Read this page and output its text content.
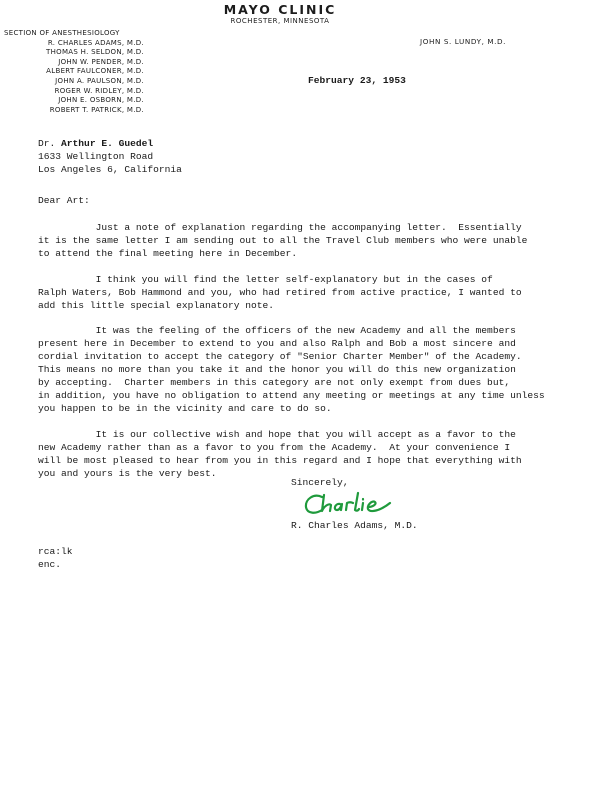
MAYO CLINIC
ROCHESTER, MINNESOTA
SECTION OF ANESTHESIOLOGY
R. CHARLES ADAMS, M.D.
THOMAS H. SELDON, M.D.
JOHN W. PENDER, M.D.
ALBERT FAULCONER, M.D.
JOHN A. PAULSON, M.D.
ROGER W. RIDLEY, M.D.
JOHN E. OSBORN, M.D.
ROBERT T. PATRICK, M.D.
JOHN S. LUNDY, M.D.
February 23, 1953
Dr. Arthur E. Guedel
1633 Wellington Road
Los Angeles 6, California
Dear Art:
Just a note of explanation regarding the accompanying letter.  Essentially
it is the same letter I am sending out to all the Travel Club members who were unable
to attend the final meeting here in December.
I think you will find the letter self-explanatory but in the cases of
Ralph Waters, Bob Hammond and you, who had retired from active practice, I wanted to
add this little special explanatory note.
It was the feeling of the officers of the new Academy and all the members
present here in December to extend to you and also Ralph and Bob a most sincere and
cordial invitation to accept the category of "Senior Charter Member" of the Academy.
This means no more than you take it and the honor you will do this new organization
by accepting.  Charter members in this category are not only exempt from dues but,
in addition, you have no obligation to attend any meeting or meetings at any time unless
you happen to be in the vicinity and care to do so.
It is our collective wish and hope that you will accept as a favor to the
new Academy rather than as a favor to you from the Academy.  At your convenience I
will be most pleased to hear from you in this regard and I hope that everything with
you and yours is the very best.
Sincerely,
R. Charles Adams, M.D.
rca:lk
enc.
